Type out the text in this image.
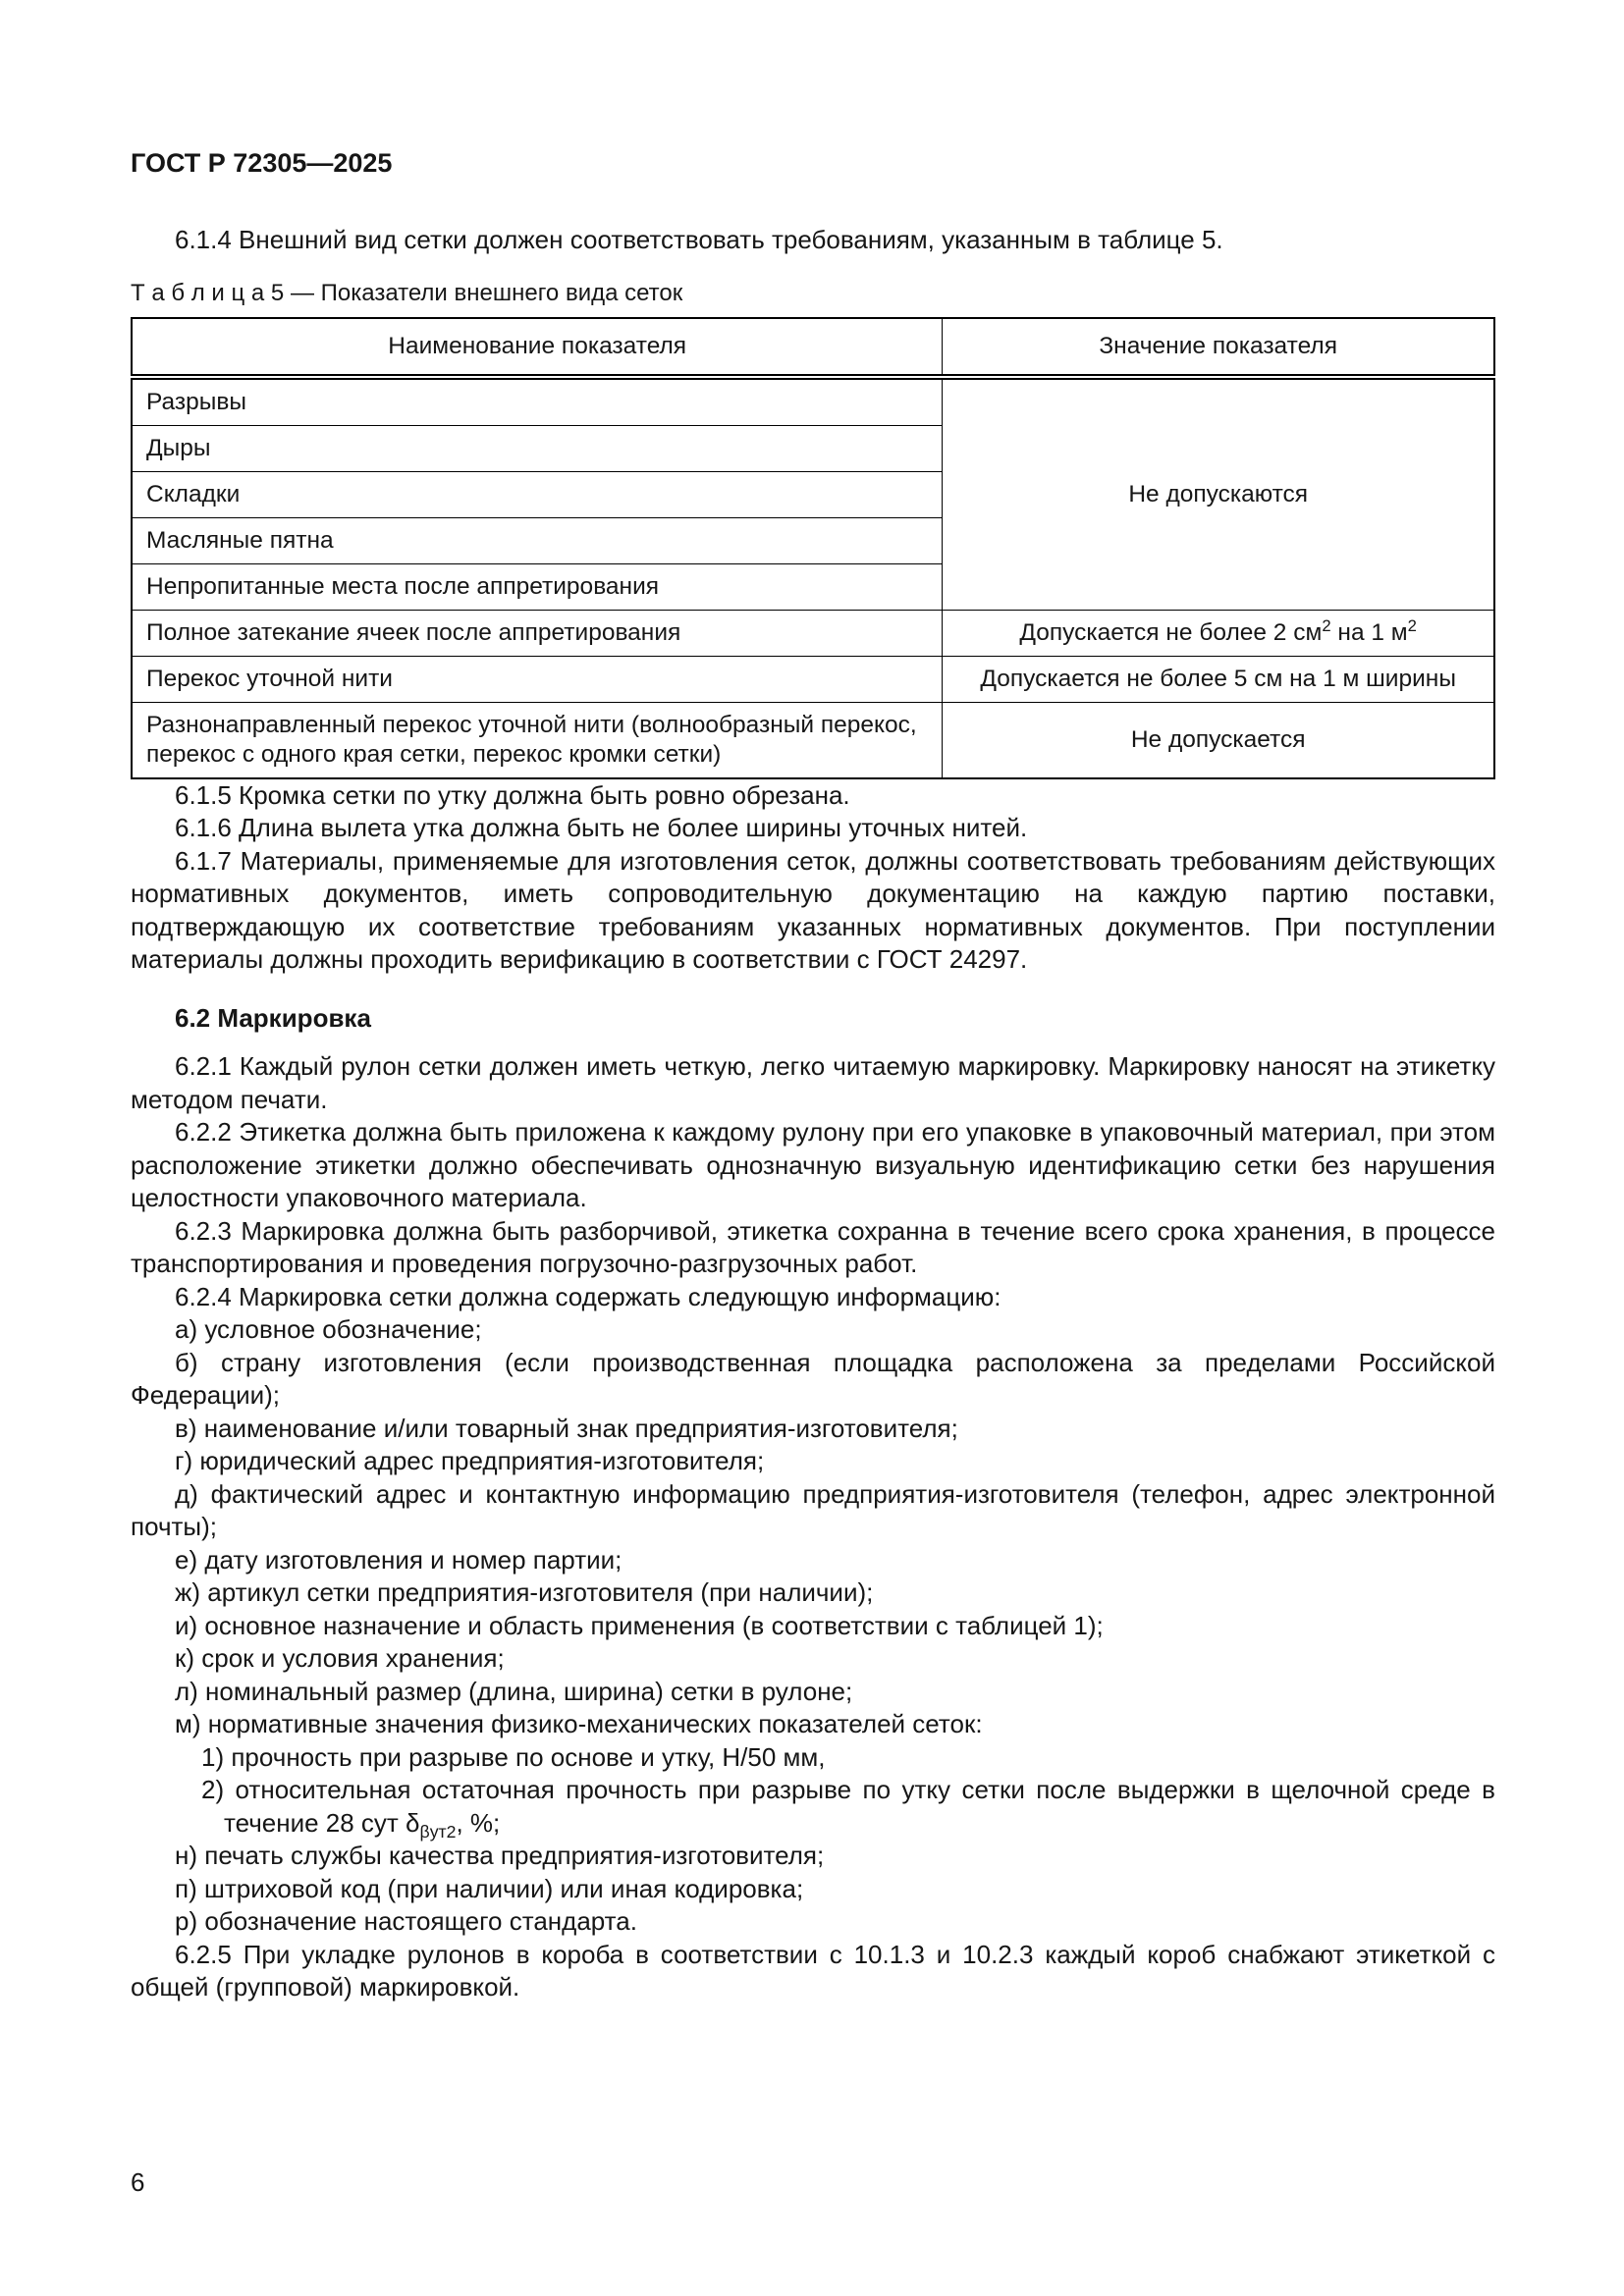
ГОСТ Р 72305—2025

6.1.4 Внешний вид сетки должен соответствовать требованиям, указанным в таблице 5.

Т а б л и ц а 5 — Показатели внешнего вида сеток
Наименование показателя	Значение показателя
Разрывы	Не допускаются
Дыры	
Складки	
Масляные пятна	
Непропитанные места после аппретирования	
Полное затекание ячеек после аппретирования	Допускается не более 2 $см^2$ на 1 $м^2$
Перекос уточной нити	Допускается не более 5 см на 1 м ширины
Разнонаправленный перекос уточной нити (волнообразный перекос, перекос с одного края сетки, перекос кромки сетки)	Не допускается

6.1.5 Кромка сетки по утку должна быть ровно обрезана.

6.1.6 Длина вылета утка должна быть не более ширины уточных нитей.

6.1.7 Материалы, применяемые для изготовления сеток, должны соответствовать требованиям действующих нормативных документов, иметь сопроводительную документацию на каждую партию поставки, подтверждающую их соответствие требованиям указанных нормативных документов. При поступлении материалы должны проходить верификацию в соответствии с ГОСТ 24297.

6.2 Маркировка

6.2.1 Каждый рулон сетки должен иметь четкую, легко читаемую маркировку. Маркировку наносят на этикетку методом печати.

6.2.2 Этикетка должна быть приложена к каждому рулону при его упаковке в упаковочный материал, при этом расположение этикетки должно обеспечивать однозначную визуальную идентификацию сетки без нарушения целостности упаковочного материала.

6.2.3 Маркировка должна быть разборчивой, этикетка сохранна в течение всего срока хранения, в процессе транспортирования и проведения погрузочно-разгрузочных работ.

6.2.4 Маркировка сетки должна содержать следующую информацию:

а) условное обозначение;

б) страну изготовления (если производственная площадка расположена за пределами Российской Федерации);

в) наименование и/или товарный знак предприятия-изготовителя;

г) юридический адрес предприятия-изготовителя;

д) фактический адрес и контактную информацию предприятия-изготовителя (телефон, адрес электронной почты);

е) дату изготовления и номер партии;

ж) артикул сетки предприятия-изготовителя (при наличии);

и) основное назначение и область применения (в соответствии с таблицей 1);

к) срок и условия хранения;

л) номинальный размер (длина, ширина) сетки в рулоне;

м) нормативные значения физико-механических показателей сеток:

1) прочность при разрыве по основе и утку, Н/50 мм,

2) относительная остаточная прочность при разрыве по утку сетки после выдержки в щелочной среде в течение 28 сут $\delta_{\beta ут2}$, %;

н) печать службы качества предприятия-изготовителя;

п) штриховой код (при наличии) или иная кодировка;

р) обозначение настоящего стандарта.

6.2.5 При укладке рулонов в короба в соответствии с 10.1.3 и 10.2.3 каждый короб снабжают этикеткой с общей (групповой) маркировкой.

6
